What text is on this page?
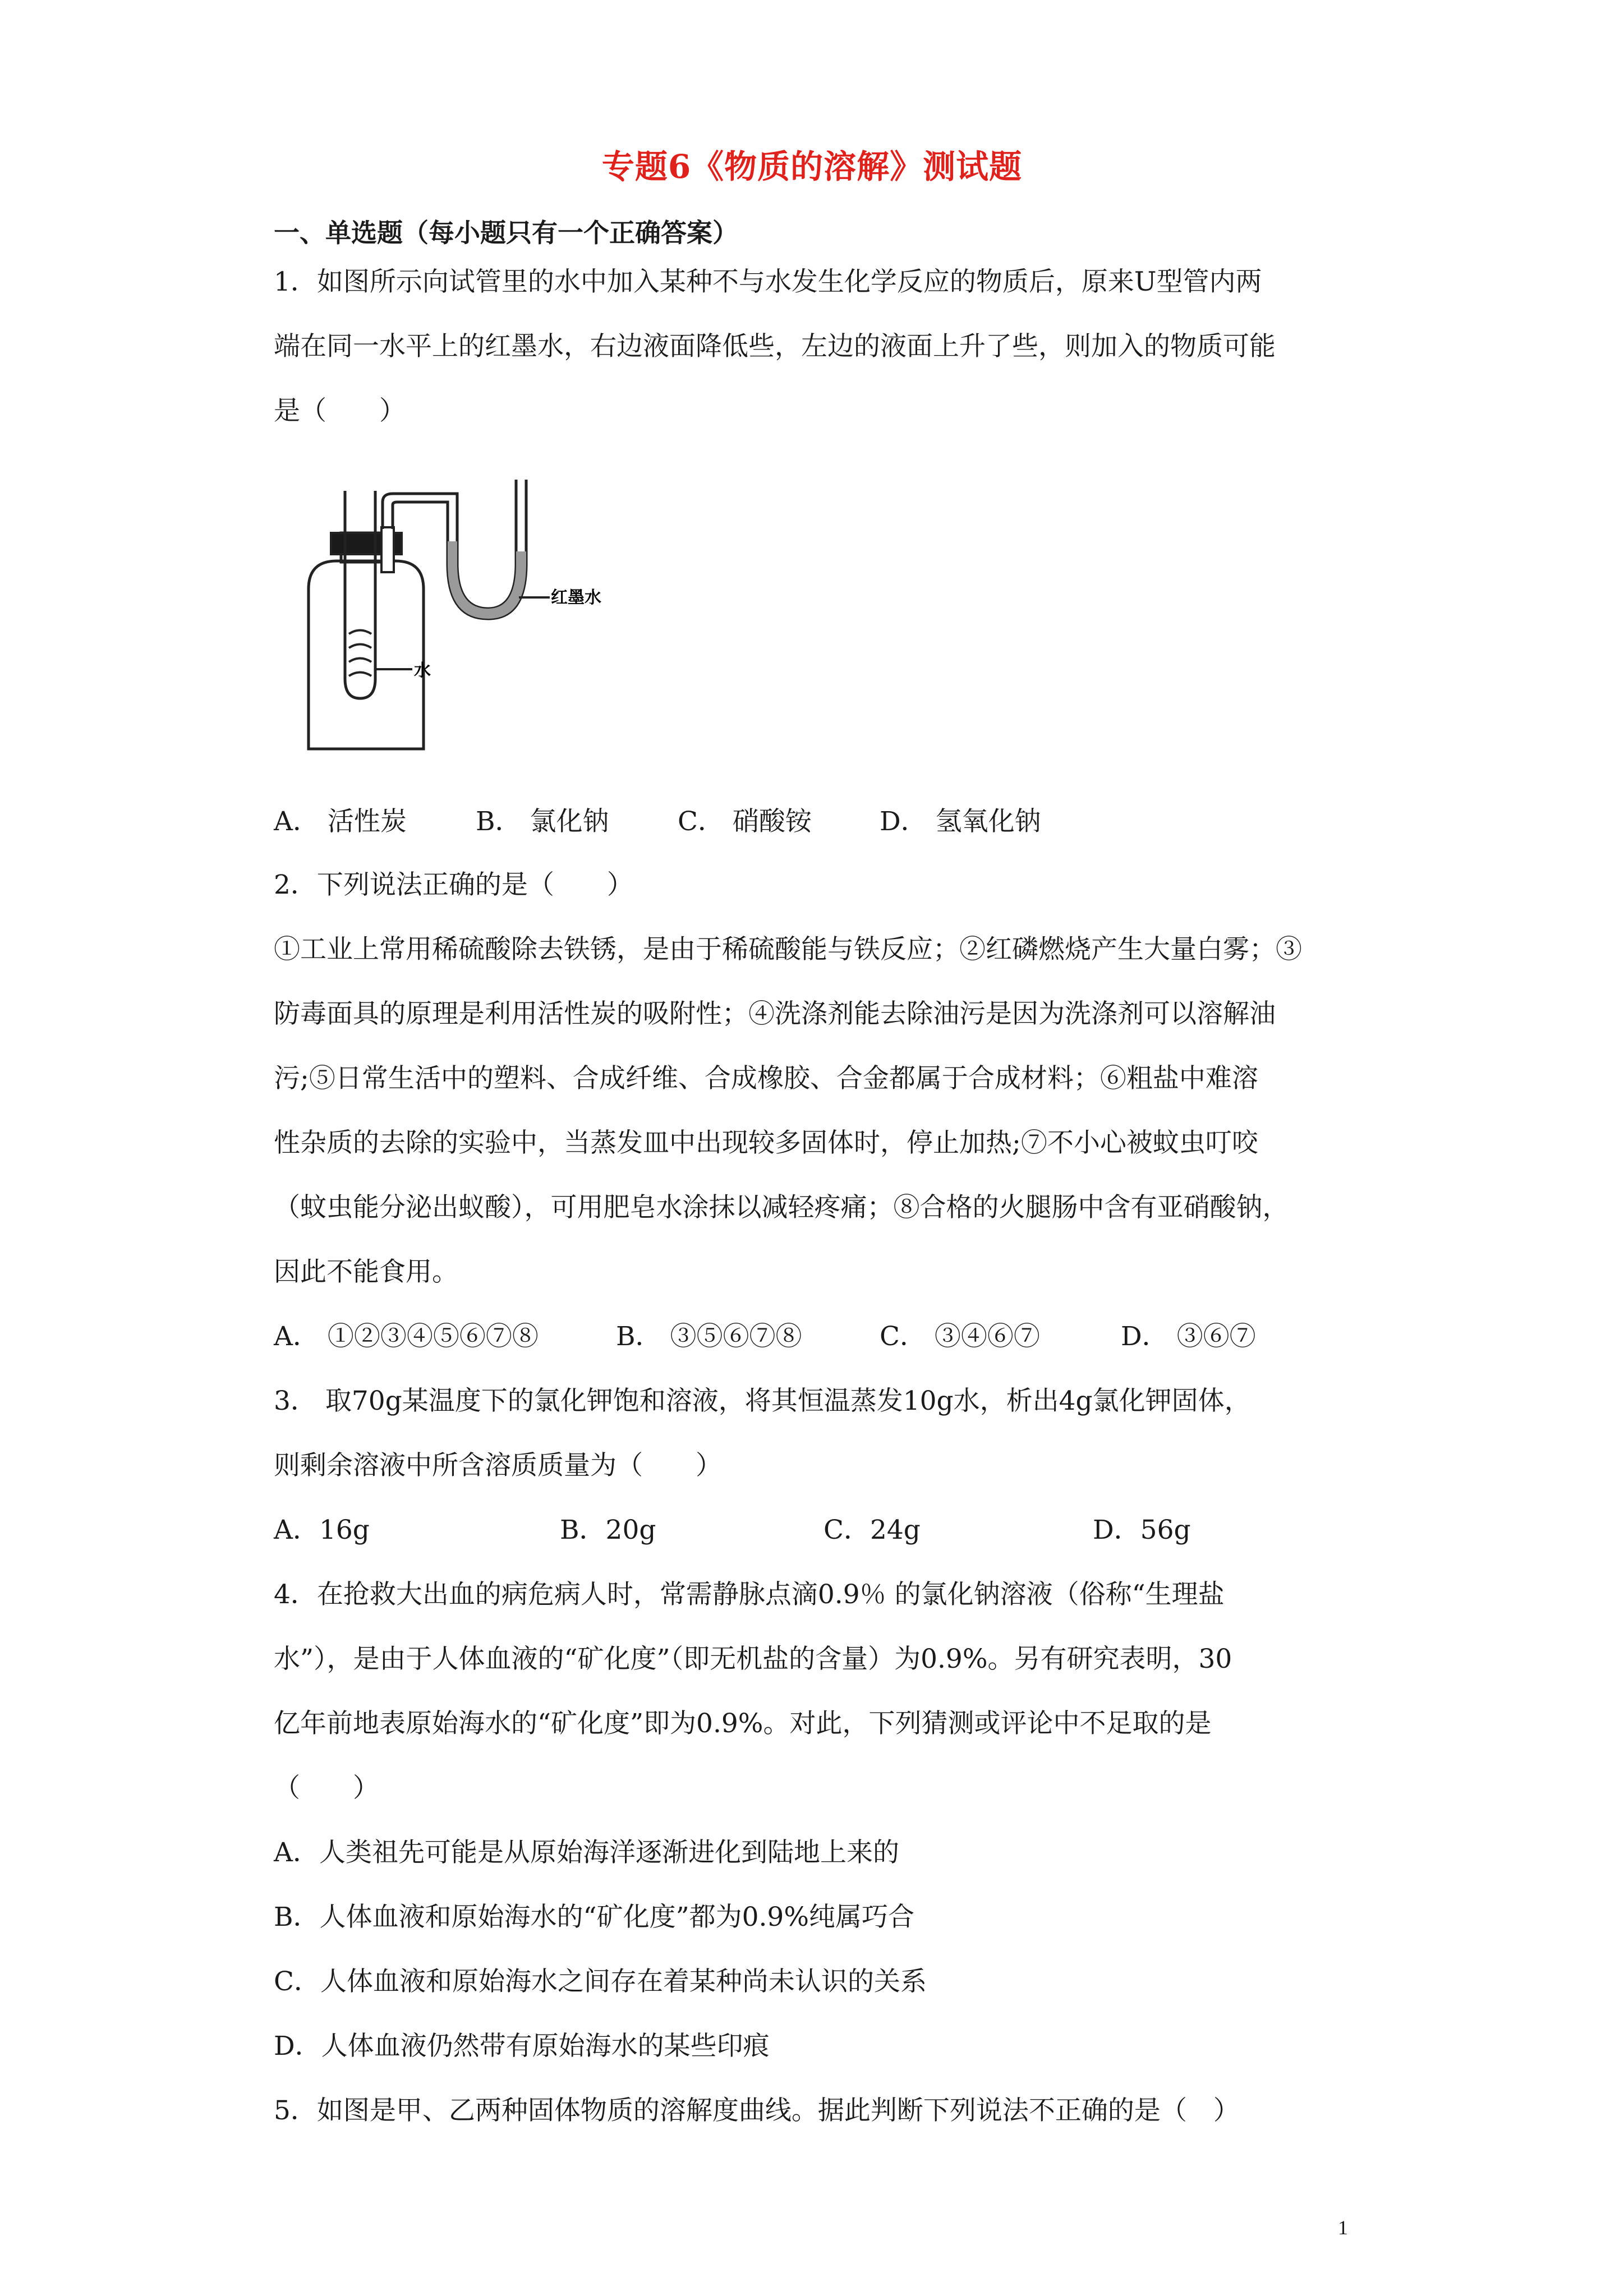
专题6《物质的溶解》测试题
一、单选题（每小题只有一个正确答案）
1．如图所示向试管里的水中加入某种不与水发生化学反应的物质后，原来U型管内两
端在同一水平上的红墨水，右边液面降低些，左边的液面上升了些，则加入的物质可能
是（　　）
红墨水
水
A． 活性炭	B． 氯化钠	C． 硝酸铵	D． 氢氧化钠
2．下列说法正确的是（　　）
①工业上常用稀硫酸除去铁锈，是由于稀硫酸能与铁反应；②红磷燃烧产生大量白雾；③
防毒面具的原理是利用活性炭的吸附性；④洗涤剂能去除油污是因为洗涤剂可以溶解油
污;⑤日常生活中的塑料、合成纤维、合成橡胶、合金都属于合成材料；⑥粗盐中难溶
性杂质的去除的实验中，当蒸发皿中出现较多固体时，停止加热;⑦不小心被蚊虫叮咬
（蚊虫能分泌出蚁酸），可用肥皂水涂抹以减轻疼痛；⑧合格的火腿肠中含有亚硝酸钠，
因此不能食用。
A． ①②③④⑤⑥⑦⑧	B． ③⑤⑥⑦⑧	C． ③④⑥⑦	D． ③⑥⑦
3． 取70g某温度下的氯化钾饱和溶液，将其恒温蒸发10g水，析出4g氯化钾固体，
则剩余溶液中所含溶质质量为（　　）
A．16g	B．20g	C．24g	D．56g
4．在抢救大出血的病危病人时，常需静脉点滴0.9％ 的氯化钠溶液（俗称“生理盐
水”），是由于人体血液的“矿化度”（即无机盐的含量）为0.9%。另有研究表明，30
亿年前地表原始海水的“矿化度”即为0.9%。对此，下列猜测或评论中不足取的是
（　　）
A．人类祖先可能是从原始海洋逐渐进化到陆地上来的
B．人体血液和原始海水的“矿化度”都为0.9%纯属巧合
C．人体血液和原始海水之间存在着某种尚未认识的关系
D．人体血液仍然带有原始海水的某些印痕
5．如图是甲、乙两种固体物质的溶解度曲线。据此判断下列说法不正确的是（　）
1
